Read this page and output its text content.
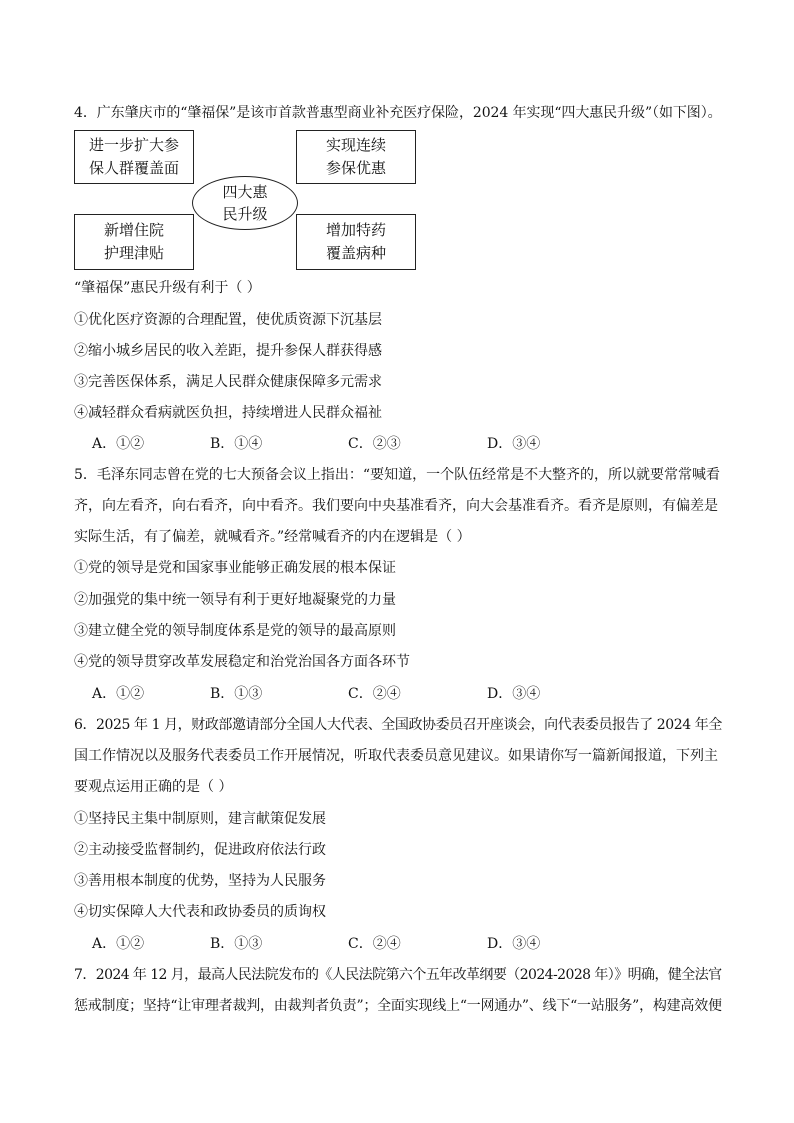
4．广东肇庆市的“肇福保”是该市首款普惠型商业补充医疗保险，2024 年实现“四大惠民升级”（如下图）。
进一步扩大参
保人群覆盖面
实现连续
参保优惠
新增住院
护理津贴
增加特药
覆盖病种
四大惠
民升级
“肇福保”惠民升级有利于（ ）
①优化医疗资源的合理配置，使优质资源下沉基层
②缩小城乡居民的收入差距，提升参保人群获得感
③完善医保体系，满足人民群众健康保障多元需求
④减轻群众看病就医负担，持续增进人民群众福祉
A．①②	B．①④	C．②③	D．③④
5．毛泽东同志曾在党的七大预备会议上指出：“要知道，一个队伍经常是不大整齐的，所以就要常常喊看
齐，向左看齐，向右看齐，向中看齐。我们要向中央基准看齐，向大会基准看齐。看齐是原则，有偏差是
实际生活，有了偏差，就喊看齐。”经常喊看齐的内在逻辑是（ ）
①党的领导是党和国家事业能够正确发展的根本保证
②加强党的集中统一领导有利于更好地凝聚党的力量
③建立健全党的领导制度体系是党的领导的最高原则
④党的领导贯穿改革发展稳定和治党治国各方面各环节
A．①②	B．①③	C．②④	D．③④
6．2025 年 1 月，财政部邀请部分全国人大代表、全国政协委员召开座谈会，向代表委员报告了 2024 年全
国工作情况以及服务代表委员工作开展情况，听取代表委员意见建议。如果请你写一篇新闻报道，下列主
要观点运用正确的是（ ）
①坚持民主集中制原则，建言献策促发展
②主动接受监督制约，促进政府依法行政
③善用根本制度的优势，坚持为人民服务
④切实保障人大代表和政协委员的质询权
A．①②	B．①③	C．②④	D．③④
7．2024 年 12 月，最高人民法院发布的《人民法院第六个五年改革纲要（2024-2028 年）》明确，健全法官
惩戒制度；坚持“让审理者裁判，由裁判者负责”；全面实现线上“一网通办”、线下“一站服务”，构建高效便
